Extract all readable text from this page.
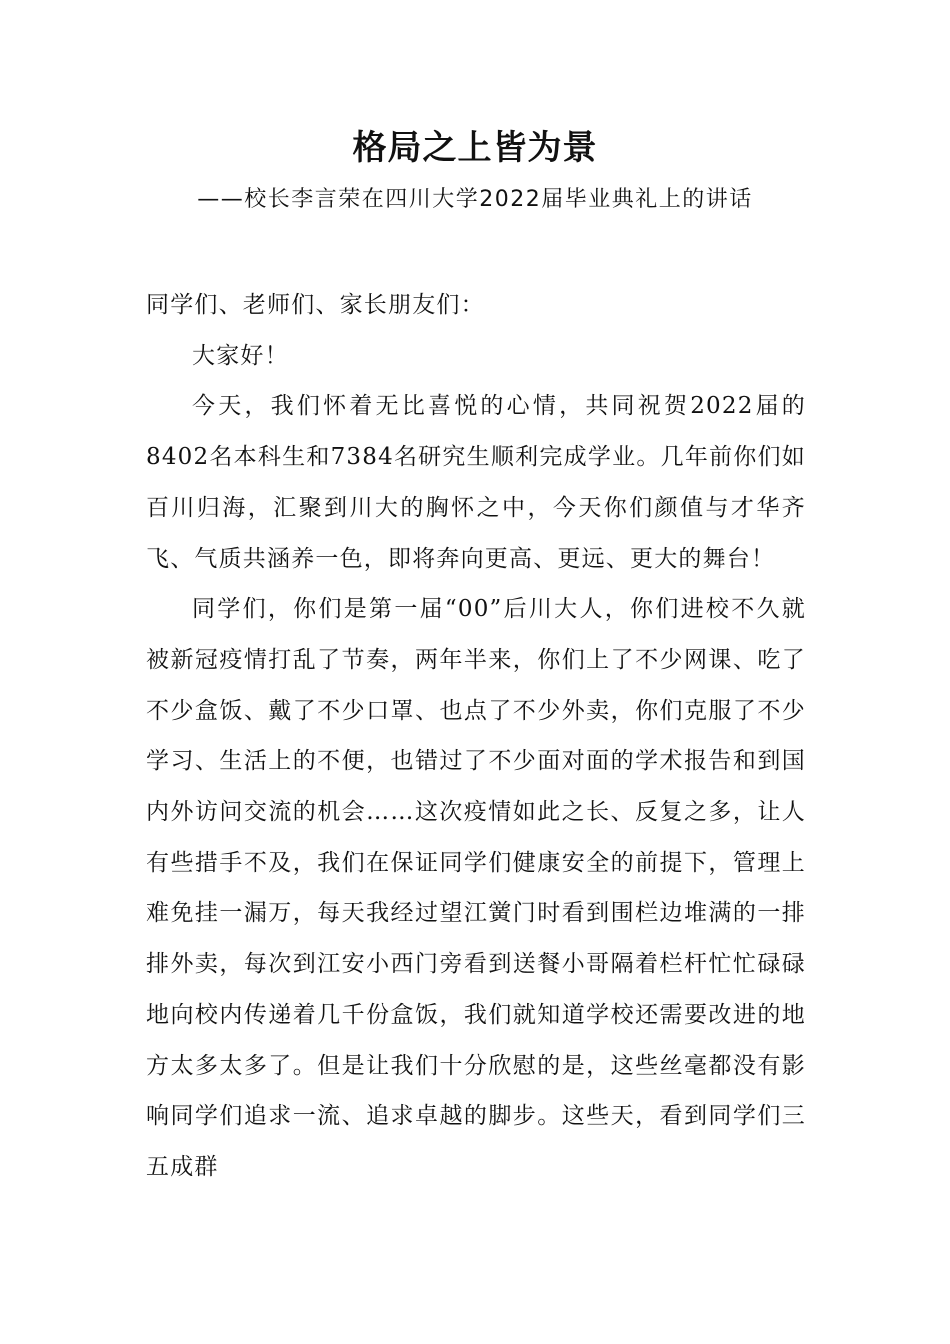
格局之上皆为景
——校长李言荣在四川大学2022届毕业典礼上的讲话

同学们、老师们、家长朋友们：

大家好！

今天，我们怀着无比喜悦的心情，共同祝贺2022届的8402名本科生和7384名研究生顺利完成学业。几年前你们如百川归海，汇聚到川大的胸怀之中，今天你们颜值与才华齐飞、气质共涵养一色，即将奔向更高、更远、更大的舞台！

同学们，你们是第一届“00”后川大人，你们进校不久就被新冠疫情打乱了节奏，两年半来，你们上了不少网课、吃了不少盒饭、戴了不少口罩、也点了不少外卖，你们克服了不少学习、生活上的不便，也错过了不少面对面的学术报告和到国内外访问交流的机会……这次疫情如此之长、反复之多，让人有些措手不及，我们在保证同学们健康安全的前提下，管理上难免挂一漏万，每天我经过望江黉门时看到围栏边堆满的一排排外卖，每次到江安小西门旁看到送餐小哥隔着栏杆忙忙碌碌地向校内传递着几千份盒饭，我们就知道学校还需要改进的地方太多太多了。但是让我们十分欣慰的是，这些丝毫都没有影响同学们追求一流、追求卓越的脚步。这些天，看到同学们三五成群
